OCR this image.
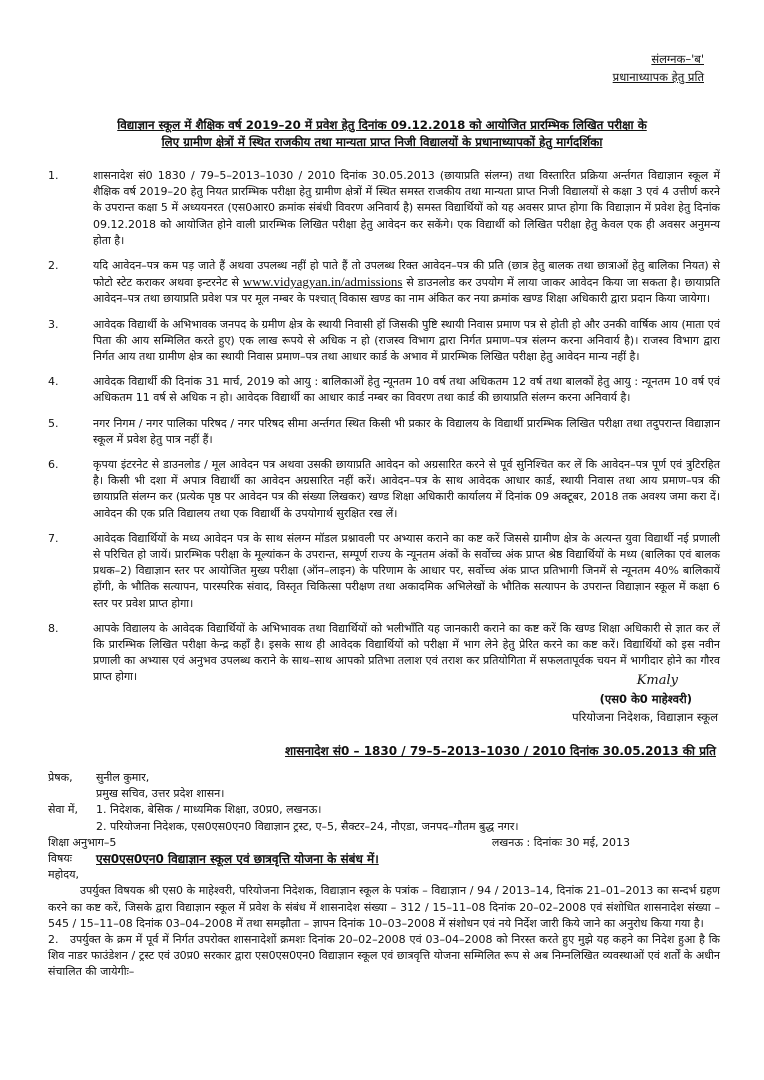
संलग्नक–'ब'
प्रधानाध्यापक हेतु प्रति
विद्याज्ञान स्कूल में शैक्षिक वर्ष 2019–20 में प्रवेश हेतु दिनांक 09.12.2018 को आयोजित प्रारम्भिक लिखित परीक्षा के
लिए ग्रामीण क्षेत्रों में स्थित राजकीय तथा मान्यता प्राप्त निजी विद्यालयों के प्रधानाध्यापकों हेतु मार्गदर्शिका
1.	शासनादेश सं0 1830 / 79–5–2013–1030 / 2010 दिनांक 30.05.2013 (छायाप्रति संलग्न) तथा विस्तारित प्रक्रिया अर्न्तगत विद्याज्ञान स्कूल में शैक्षिक वर्ष 2019–20 हेतु नियत प्रारम्भिक परीक्षा हेतु ग्रामीण क्षेत्रों में स्थित समस्त राजकीय तथा मान्यता प्राप्त निजी विद्यालयों से कक्षा 3 एवं 4 उत्तीर्ण करने के उपरान्त कक्षा 5 में अध्ययनरत (एस0आर0 क्रमांक संबंधी विवरण अनिवार्य है) समस्त विद्यार्थियों को यह अवसर प्राप्त होगा कि विद्याज्ञान में प्रवेश हेतु दिनांक 09.12.2018 को आयोजित होने वाली प्रारम्भिक लिखित परीक्षा हेतु आवेदन कर सकेंगे। एक विद्यार्थी को लिखित परीक्षा हेतु केवल एक ही अवसर अनुमन्य होता है।
2.	यदि आवेदन–पत्र कम पड़ जाते हैं अथवा उपलब्ध नहीं हो पाते हैं तो उपलब्ध रिक्त आवेदन–पत्र की प्रति (छात्र हेतु बालक तथा छात्राओं हेतु बालिका नियत) से फोटो स्टेट कराकर अथवा इन्टरनेट से www.vidyagyan.in/admissions से डाउनलोड कर उपयोग में लाया जाकर आवेदन किया जा सकता है। छायाप्रति आवेदन–पत्र तथा छायाप्रति प्रवेश पत्र पर मूल नम्बर के पश्चात् विकास खण्ड का नाम अंकित कर नया क्रमांक खण्ड शिक्षा अधिकारी द्वारा प्रदान किया जायेगा।
3.	आवेदक विद्यार्थी के अभिभावक जनपद के ग्रमीण क्षेत्र के स्थायी निवासी हों जिसकी पुष्टि स्थायी निवास प्रमाण पत्र से होती हो और उनकी वार्षिक आय (माता एवं पिता की आय सम्मिलित करते हुए) एक लाख रूपये से अधिक न हो (राजस्व विभाग द्वारा निर्गत प्रमाण–पत्र संलग्न करना अनिवार्य है)। राजस्व विभाग द्वारा निर्गत आय तथा ग्रामीण क्षेत्र का स्थायी निवास प्रमाण–पत्र तथा आधार कार्ड के अभाव में प्रारम्भिक लिखित परीक्षा हेतु आवेदन मान्य नहीं है।
4.	आवेदक विद्यार्थी की दिनांक 31 मार्च, 2019 को आयु : बालिकाओं हेतु न्यूनतम 10 वर्ष तथा अधिकतम 12 वर्ष तथा बालकों हेतु आयु : न्यूनतम 10 वर्ष एवं अधिकतम 11 वर्ष से अधिक न हो। आवेदक विद्यार्थी का आधार कार्ड नम्बर का विवरण तथा कार्ड की छायाप्रति संलग्न करना अनिवार्य है।
5.	नगर निगम / नगर पालिका परिषद / नगर परिषद सीमा अर्न्तगत स्थित किसी भी प्रकार के विद्यालय के विद्यार्थी प्रारम्भिक लिखित परीक्षा तथा तदुपरान्त विद्याज्ञान स्कूल में प्रवेश हेतु पात्र नहीं हैं।
6.	कृपया इंटरनेट से डाउनलोड / मूल आवेदन पत्र अथवा उसकी छायाप्रति आवेदन को अग्रसारित करने से पूर्व सुनिश्चित कर लें कि आवेदन–पत्र पूर्ण एवं त्रुटिरहित है। किसी भी दशा में अपात्र विद्यार्थी का आवेदन अग्रसारित नहीं करें। आवेदन–पत्र के साथ आवेदक आधार कार्ड, स्थायी निवास तथा आय प्रमाण–पत्र की छायाप्रति संलग्न कर (प्रत्येक पृष्ठ पर आवेदन पत्र की संख्या लिखकर) खण्ड शिक्षा अधिकारी कार्यालय में दिनांक 09 अक्टूबर, 2018 तक अवश्य जमा करा दें। आवेदन की एक प्रति विद्यालय तथा एक विद्यार्थी के उपयोगार्थ सुरक्षित रख लें।
7.	आवेदक विद्यार्थियों के मध्य आवेदन पत्र के साथ संलग्न मॉडल प्रश्नावली पर अभ्यास कराने का कष्ट करें जिससे ग्रामीण क्षेत्र के अत्यन्त युवा विद्यार्थी नई प्रणाली से परिचित हो जायें। प्रारम्भिक परीक्षा के मूल्यांकन के उपरान्त, सम्पूर्ण राज्य के न्यूनतम अंकों के सर्वोच्च अंक प्राप्त श्रेष्ठ विद्यार्थियों के मध्य (बालिका एवं बालक प्रथक–2) विद्याज्ञान स्तर पर आयोजित मुख्य परीक्षा (ऑन–लाइन) के परिणाम के आधार पर, सर्वोच्च अंक प्राप्त प्रतिभागी जिनमें से न्यूनतम 40% बालिकायें होंगी, के भौतिक सत्यापन, पारस्परिक संवाद, विस्तृत चिकित्सा परीक्षण तथा अकादमिक अभिलेखों के भौतिक सत्यापन के उपरान्त विद्याज्ञान स्कूल में कक्षा 6 स्तर पर प्रवेश प्राप्त होगा।
8.	आपके विद्यालय के आवेदक विद्यार्थियों के अभिभावक तथा विद्यार्थियों को भलीभाँति यह जानकारी कराने का कष्ट करें कि खण्ड शिक्षा अधिकारी से ज्ञात कर लें कि प्रारम्भिक लिखित परीक्षा केन्द्र कहाँ है। इसके साथ ही आवेदक विद्यार्थियों को परीक्षा में भाग लेने हेतु प्रेरित करने का कष्ट करें। विद्यार्थियों को इस नवीन प्रणाली का अभ्यास एवं अनुभव उपलब्ध कराने के साथ–साथ आपको प्रतिभा तलाश एवं तराश कर प्रतियोगिता में सफलतापूर्वक चयन में भागीदार होने का गौरव प्राप्त होगा।	Kmaly
(एस0 के0 माहेश्वरी)
परियोजना निदेशक, विद्याज्ञान स्कूल
शासनादेश सं0 – 1830 / 79–5–2013–1030 / 2010 दिनांक 30.05.2013 की प्रति
प्रेषक,	सुनील कुमार,
प्रमुख सचिव, उत्तर प्रदेश शासन।
सेवा में,	1. निदेशक, बेसिक / माध्यमिक शिक्षा, उ0प्र0, लखनऊ।
2. परियोजना निदेशक, एस0एस0एन0 विद्याज्ञान ट्रस्ट, ए–5, सैक्टर–24, नौएडा, जनपद–गौतम बुद्ध नगर।
शिक्षा अनुभाग–5	लखनऊ : दिनांकः 30 मई, 2013
विषयः	एस0एस0एन0 विद्याज्ञान स्कूल एवं छात्रवृत्ति योजना के संबंध में।
महोदय,
उपर्युक्त विषयक श्री एस0 के माहेश्वरी, परियोजना निदेशक, विद्याज्ञान स्कूल के पत्रांक – विद्याज्ञान / 94 / 2013–14, दिनांक 21–01–2013 का सन्दर्भ ग्रहण करने का कष्ट करें, जिसके द्वारा विद्याज्ञान स्कूल में प्रवेश के संबंध में शासनादेश संख्या – 312 / 15–11–08 दिनांक 20–02–2008 एवं संशोधित शासनादेश संख्या – 545 / 15–11–08 दिनांक 03–04–2008 में तथा समझौता – ज्ञापन दिनांक 10–03–2008 में संशोधन एवं नये निर्देश जारी किये जाने का अनुरोध किया गया है।
2. उपर्युक्त के क्रम में पूर्व में निर्गत उपरोक्त शासनादेशों क्रमशः दिनांक 20–02–2008 एवं 03–04–2008 को निरस्त करते हुए मुझे यह कहने का निदेश हुआ है कि शिव नाडर फाउंडेशन / ट्रस्ट एवं उ0प्र0 सरकार द्वारा एस0एस0एन0 विद्याज्ञान स्कूल एवं छात्रवृत्ति योजना सम्मिलित रूप से अब निम्नलिखित व्यवस्थाओं एवं शर्तों के अधीन संचालित की जायेगीः–
